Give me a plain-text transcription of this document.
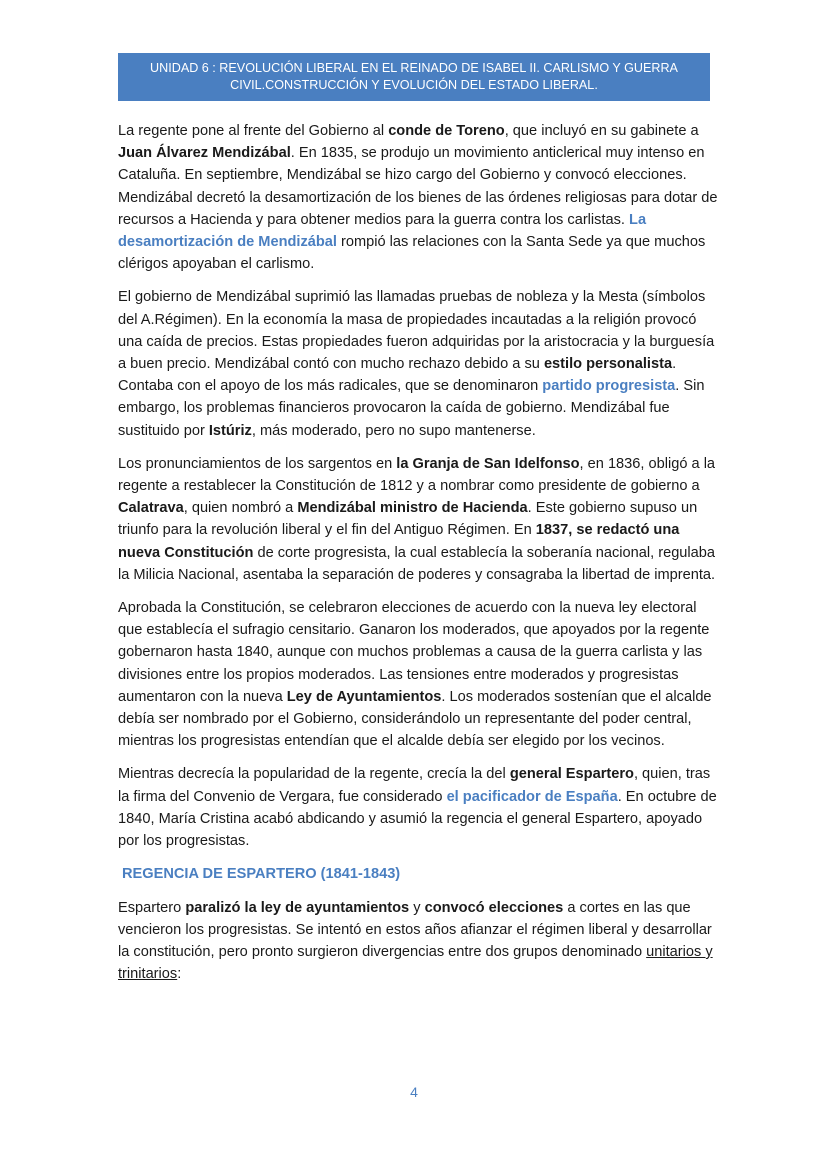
UNIDAD 6 : REVOLUCIÓN LIBERAL EN EL REINADO DE ISABEL II. CARLISMO Y GUERRA
CIVIL.CONSTRUCCIÓN Y EVOLUCIÓN DEL ESTADO LIBERAL.

La regente pone al frente del Gobierno al conde de Toreno, que incluyó en su gabinete a Juan Álvarez Mendizábal. En 1835, se produjo un movimiento anticlerical muy intenso en Cataluña. En septiembre, Mendizábal se hizo cargo del Gobierno y convocó elecciones. Mendizábal decretó la desamortización de los bienes de las órdenes religiosas para dotar de recursos a Hacienda y para obtener medios para la guerra contra los carlistas. La desamortización de Mendizábal rompió las relaciones con la Santa Sede ya que muchos clérigos apoyaban el carlismo.

El gobierno de Mendizábal suprimió las llamadas pruebas de nobleza y la Mesta (símbolos del A.Régimen). En la economía la masa de propiedades incautadas a la religión provocó una caída de precios. Estas propiedades fueron adquiridas por la aristocracia y la burguesía a buen precio. Mendizábal contó con mucho rechazo debido a su estilo personalista. Contaba con el apoyo de los más radicales, que se denominaron partido progresista. Sin embargo, los problemas financieros provocaron la caída de gobierno. Mendizábal fue sustituido por Istúriz, más moderado, pero no supo mantenerse.

Los pronunciamientos de los sargentos en la Granja de San Idelfonso, en 1836, obligó a la regente a restablecer la Constitución de 1812 y a nombrar como presidente de gobierno a Calatrava, quien nombró a Mendizábal ministro de Hacienda. Este gobierno supuso un triunfo para la revolución liberal y el fin del Antiguo Régimen. En 1837, se redactó una nueva Constitución de corte progresista, la cual establecía la soberanía nacional, regulaba la Milicia Nacional, asentaba la separación de poderes y consagraba la libertad de imprenta.

Aprobada la Constitución, se celebraron elecciones de acuerdo con la nueva ley electoral que establecía el sufragio censitario. Ganaron los moderados, que apoyados por la regente gobernaron hasta 1840, aunque con muchos problemas a causa de la guerra carlista y las divisiones entre los propios moderados. Las tensiones entre moderados y progresistas aumentaron con la nueva Ley de Ayuntamientos. Los moderados sostenían que el alcalde debía ser nombrado por el Gobierno, considerándolo un representante del poder central, mientras los progresistas entendían que el alcalde debía ser elegido por los vecinos.

Mientras decrecía la popularidad de la regente, crecía la del general Espartero, quien, tras la firma del Convenio de Vergara, fue considerado el pacificador de España. En octubre de 1840, María Cristina acabó abdicando y asumió la regencia el general Espartero, apoyado por los progresistas.

REGENCIA DE ESPARTERO (1841-1843)

Espartero paralizó la ley de ayuntamientos y convocó elecciones a cortes en las que vencieron los progresistas. Se intentó en estos años afianzar el régimen liberal y desarrollar la constitución, pero pronto surgieron divergencias entre dos grupos denominado unitarios y trinitarios:

4
